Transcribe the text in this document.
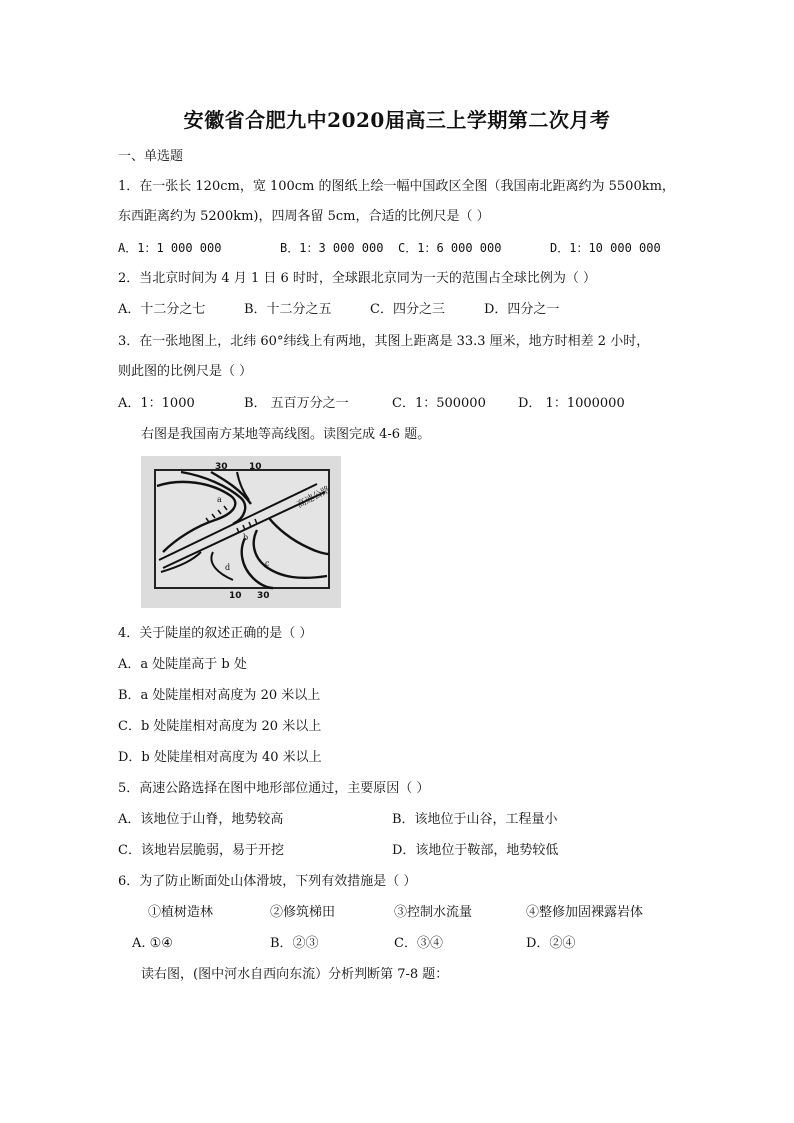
安徽省合肥九中2020届高三上学期第二次月考
一、单选题
1．在一张长 120cm，宽 100cm 的图纸上绘一幅中国政区全图（我国南北距离约为 5500km，
东西距离约为 5200km)，四周各留 5cm，合适的比例尺是（ ）
A．1：1 000 000	B．1：3 000 000 C．1：6 000 000	D．1：10 000 000
2．当北京时间为 4 月 1 日 6 时时，全球跟北京同为一天的范围占全球比例为（ ）
A．十二分之七	B．十二分之五	C．四分之三	D．四分之一
3．在一张地图上，北纬 60°纬线上有两地，其图上距离是 33.3 厘米，地方时相差 2 小时，
则此图的比例尺是（ ）
A．1：1000	B． 五百万分之一	C．1：500000 D． 1：1000000
右图是我国南方某地等高线图。读图完成 4-6 题。
30 10
10 30
高速公路
a
b
c
d
4．关于陡崖的叙述正确的是（ ）
A．a 处陡崖高于 b 处
B．a 处陡崖相对高度为 20 米以上
C．b 处陡崖相对高度为 20 米以上
D．b 处陡崖相对高度为 40 米以上
5．高速公路选择在图中地形部位通过，主要原因（ ）
A．该地位于山脊，地势较高	B．该地位于山谷，工程量小
C．该地岩层脆弱，易于开挖	D．该地位于鞍部，地势较低
6．为了防止断面处山体滑坡，下列有效措施是（ ）
①植树造林	②修筑梯田	③控制水流量	④整修加固裸露岩体
A. ①④	B．②③	C．③④	D．②④
读右图，(图中河水自西向东流）分析判断第 7-8 题：
